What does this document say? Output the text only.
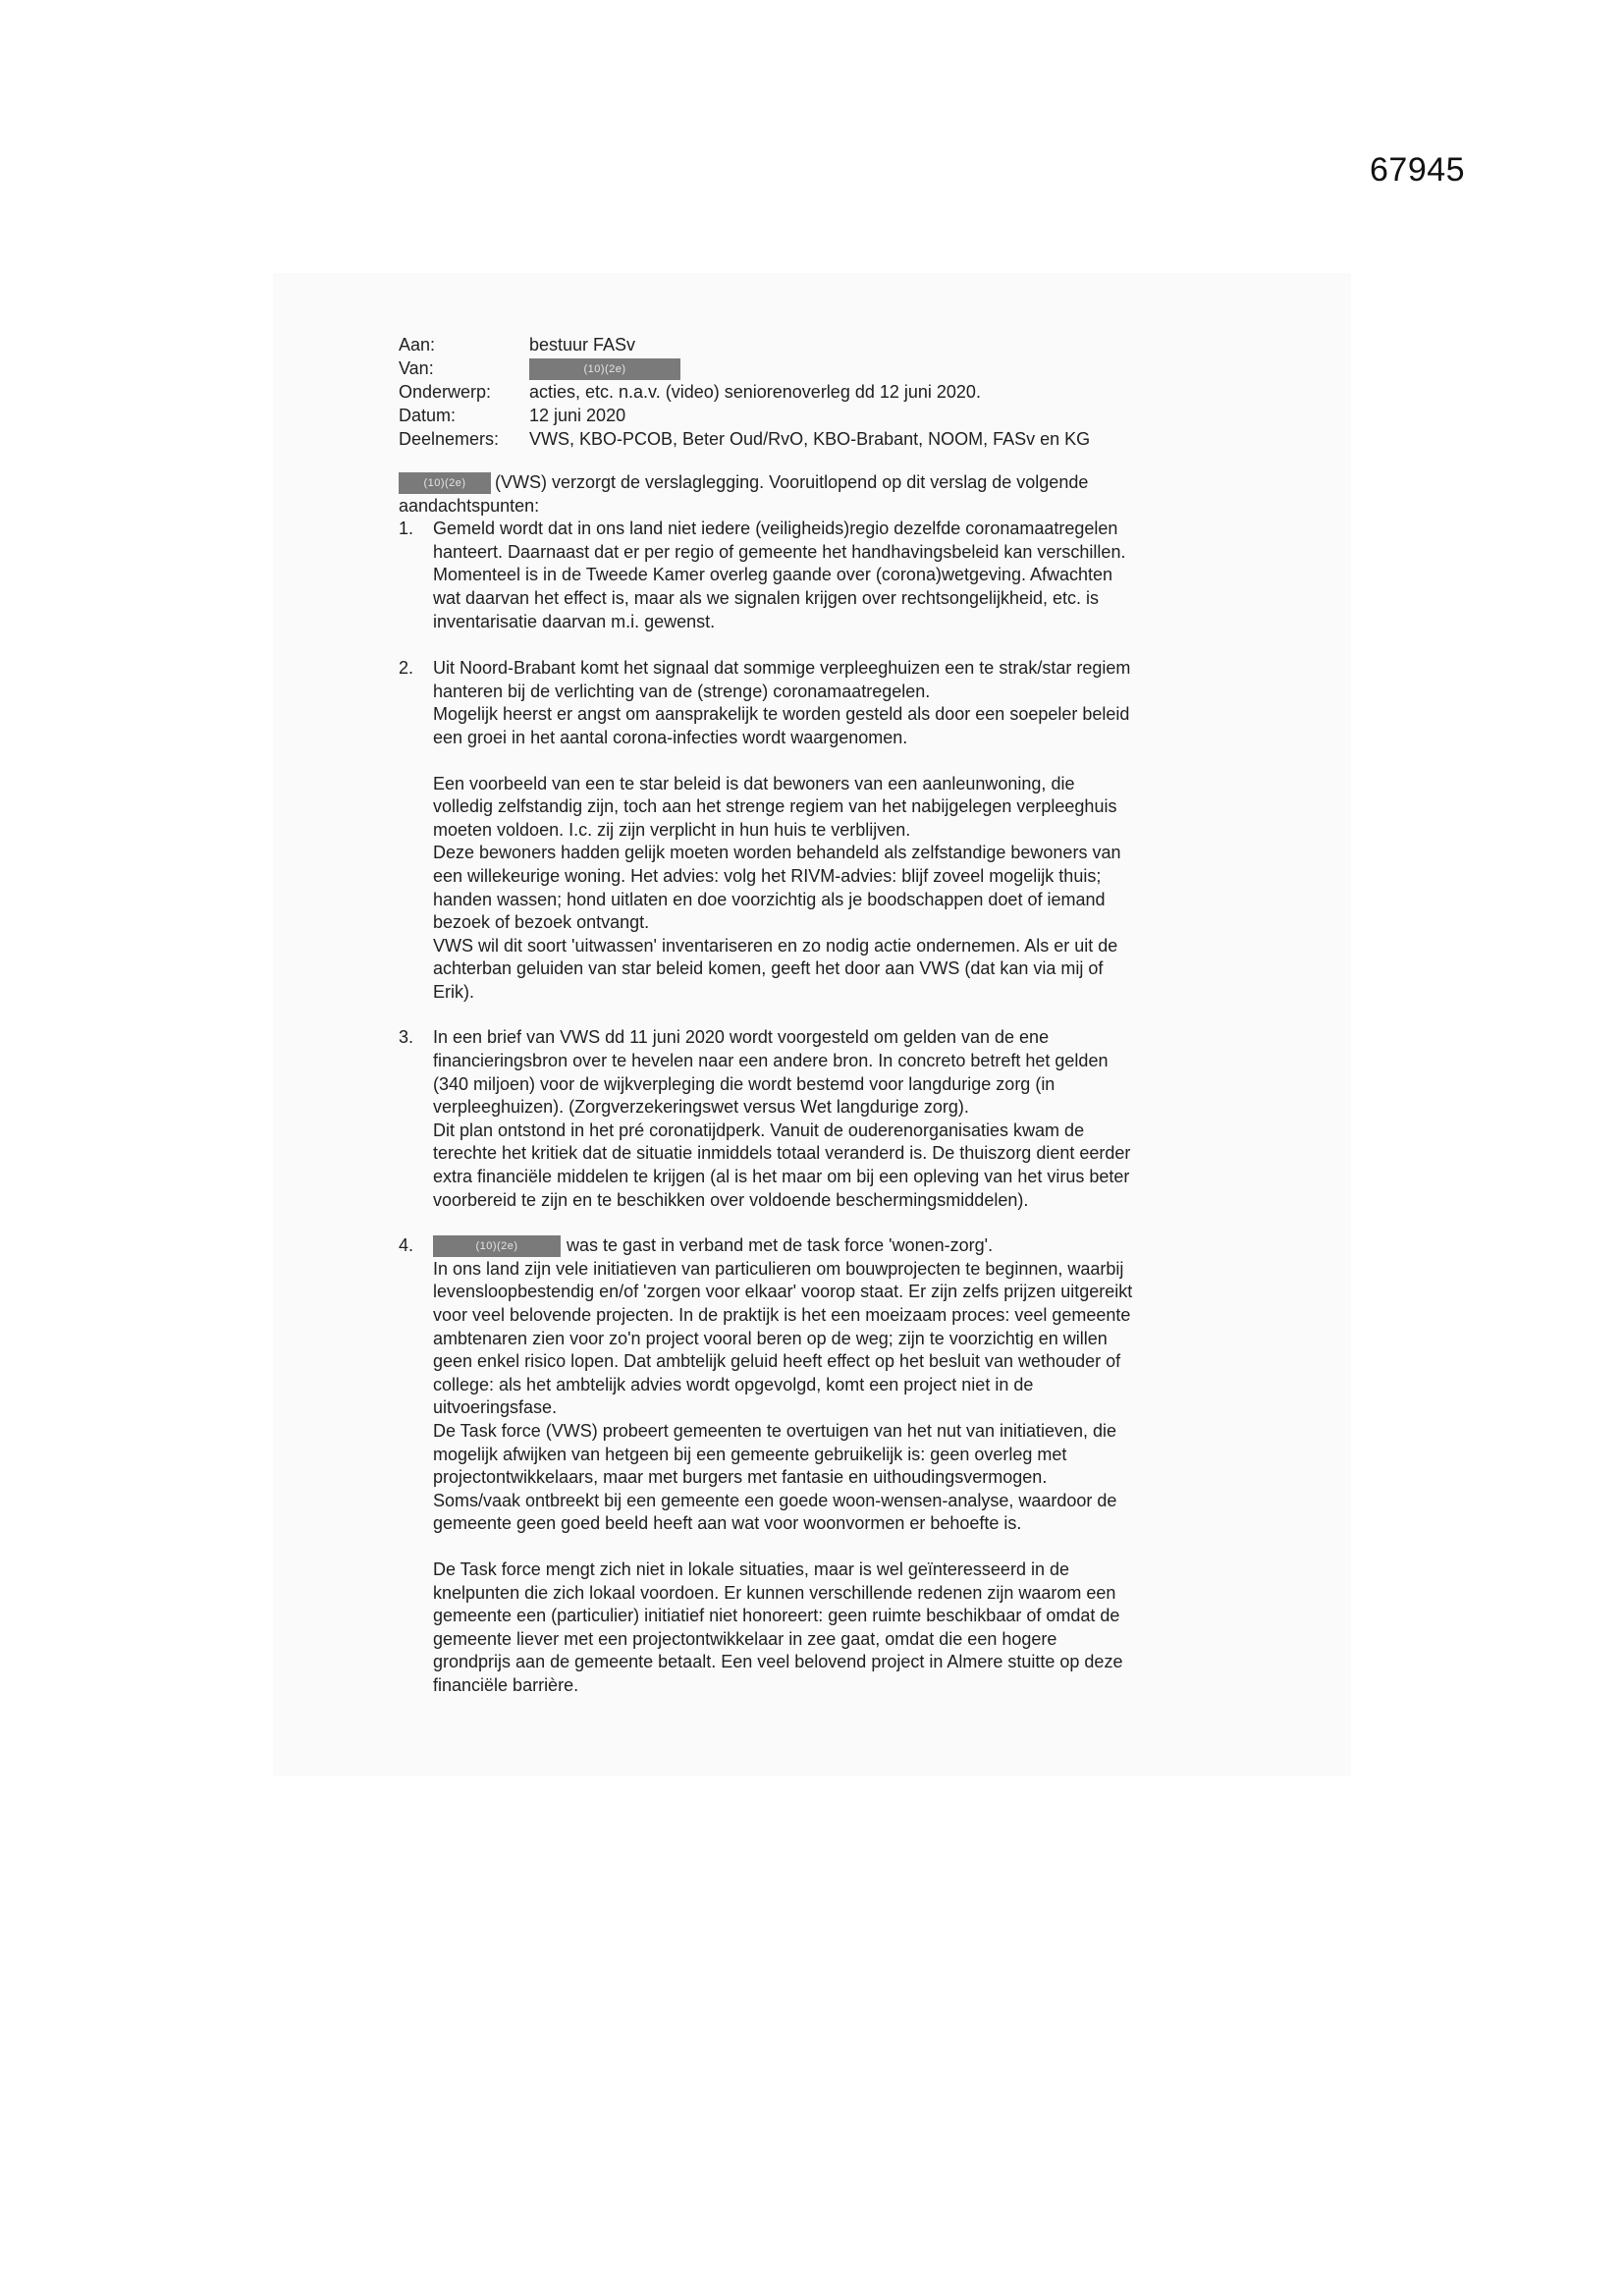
67945
Aan:	bestuur FASv
Van:	(10)(2e)
Onderwerp:	acties, etc. n.a.v. (video) seniorenoverleg dd 12 juni 2020.
Datum:	12 juni 2020
Deelnemers:	VWS, KBO-PCOB, Beter Oud/RvO, KBO-Brabant, NOOM, FASv en KG
(10)(2e) (VWS) verzorgt de verslaglegging. Vooruitlopend op dit verslag de volgende
aandachtspunten:
1. Gemeld wordt dat in ons land niet iedere (veiligheids)regio dezelfde coronamaatregelen
hanteert. Daarnaast dat er per regio of gemeente het handhavingsbeleid kan verschillen.
Momenteel is in de Tweede Kamer overleg gaande over (corona)wetgeving. Afwachten
wat daarvan het effect is, maar als we signalen krijgen over rechtsongelijkheid, etc. is
inventarisatie daarvan m.i. gewenst.
2. Uit Noord-Brabant komt het signaal dat sommige verpleeghuizen een te strak/star regiem
hanteren bij de verlichting van de (strenge) coronamaatregelen.
Mogelijk heerst er angst om aansprakelijk te worden gesteld als door een soepeler beleid
een groei in het aantal corona-infecties wordt waargenomen.
Een voorbeeld van een te star beleid is dat bewoners van een aanleunwoning, die
volledig zelfstandig zijn, toch aan het strenge regiem van het nabijgelegen verpleeghuis
moeten voldoen. I.c. zij zijn verplicht in hun huis te verblijven.
Deze bewoners hadden gelijk moeten worden behandeld als zelfstandige bewoners van
een willekeurige woning. Het advies: volg het RIVM-advies: blijf zoveel mogelijk thuis;
handen wassen; hond uitlaten en doe voorzichtig als je boodschappen doet of iemand
bezoek of bezoek ontvangt.
VWS wil dit soort 'uitwassen' inventariseren en zo nodig actie ondernemen. Als er uit de
achterban geluiden van star beleid komen, geeft het door aan VWS (dat kan via mij of
Erik).
3. In een brief van VWS dd 11 juni 2020 wordt voorgesteld om gelden van de ene
financieringsbron over te hevelen naar een andere bron. In concreto betreft het gelden
(340 miljoen) voor de wijkverpleging die wordt bestemd voor langdurige zorg (in
verpleeghuizen). (Zorgverzekeringswet versus Wet langdurige zorg).
Dit plan ontstond in het pré coronatijdperk. Vanuit de ouderenorganisaties kwam de
terechte het kritiek dat de situatie inmiddels totaal veranderd is. De thuiszorg dient eerder
extra financiële middelen te krijgen (al is het maar om bij een opleving van het virus beter
voorbereid te zijn en te beschikken over voldoende beschermingsmiddelen).
4.	(10)(2e)	was te gast in verband met de task force 'wonen-zorg'.
In ons land zijn vele initiatieven van particulieren om bouwprojecten te beginnen, waarbij
levensloopbestendig en/of 'zorgen voor elkaar' voorop staat. Er zijn zelfs prijzen uitgereikt
voor veel belovende projecten. In de praktijk is het een moeizaam proces: veel gemeente
ambtenaren zien voor zo'n project vooral beren op de weg; zijn te voorzichtig en willen
geen enkel risico lopen. Dat ambtelijk geluid heeft effect op het besluit van wethouder of
college: als het ambtelijk advies wordt opgevolgd, komt een project niet in de
uitvoeringsfase.
De Task force (VWS) probeert gemeenten te overtuigen van het nut van initiatieven, die
mogelijk afwijken van hetgeen bij een gemeente gebruikelijk is: geen overleg met
projectontwikkelaars, maar met burgers met fantasie en uithoudingsvermogen.
Soms/vaak ontbreekt bij een gemeente een goede woon-wensen-analyse, waardoor de
gemeente geen goed beeld heeft aan wat voor woonvormen er behoefte is.
De Task force mengt zich niet in lokale situaties, maar is wel geïnteresseerd in de
knelpunten die zich lokaal voordoen. Er kunnen verschillende redenen zijn waarom een
gemeente een (particulier) initiatief niet honoreert: geen ruimte beschikbaar of omdat de
gemeente liever met een projectontwikkelaar in zee gaat, omdat die een hogere
grondprijs aan de gemeente betaalt. Een veel belovend project in Almere stuitte op deze
financiële barrière.
